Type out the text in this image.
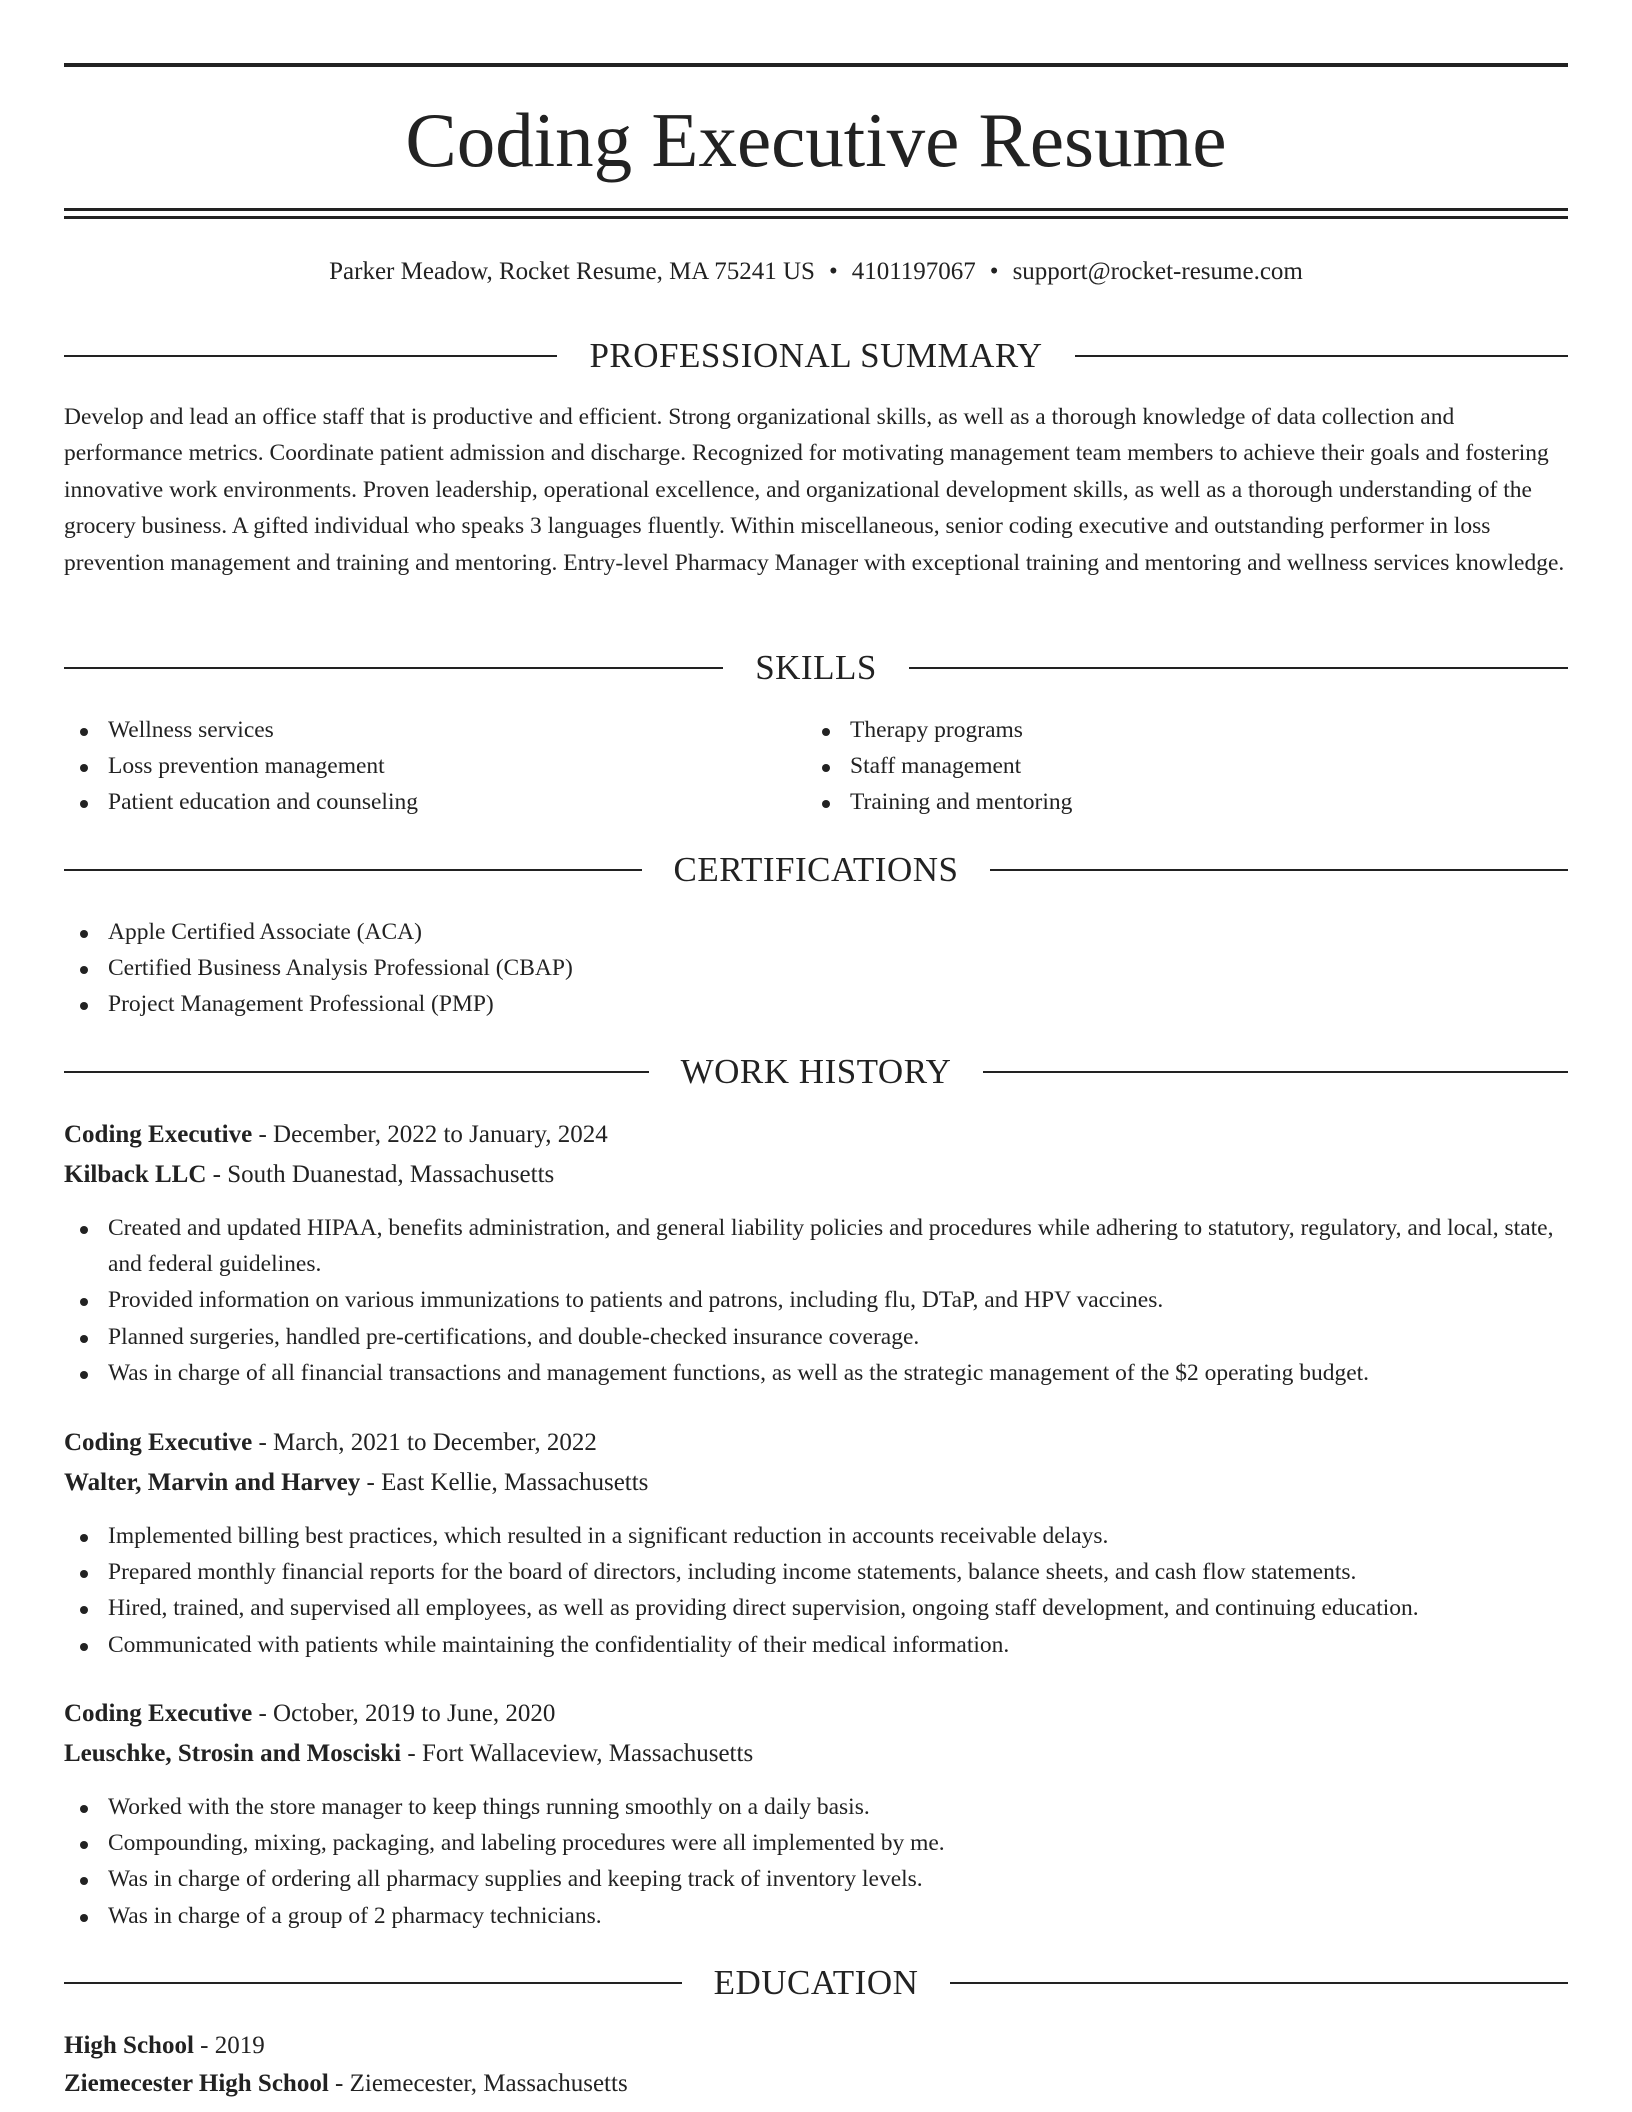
Coding Executive Resume
Parker Meadow, Rocket Resume, MA 75241 US • 4101197067 • support@rocket-resume.com
PROFESSIONAL SUMMARY

Develop and lead an office staff that is productive and efficient. Strong organizational skills, as well as a thorough knowledge of data collection and performance metrics. Coordinate patient admission and discharge. Recognized for motivating management team members to achieve their goals and fostering innovative work environments. Proven leadership, operational excellence, and organizational development skills, as well as a thorough understanding of the grocery business. A gifted individual who speaks 3 languages fluently. Within miscellaneous, senior coding executive and outstanding performer in loss prevention management and training and mentoring. Entry-level Pharmacy Manager with exceptional training and mentoring and wellness services knowledge.

SKILLS
Wellness services
Loss prevention management
Patient education and counseling
Therapy programs
Staff management
Training and mentoring
CERTIFICATIONS
Apple Certified Associate (ACA)
Certified Business Analysis Professional (CBAP)
Project Management Professional (PMP)
WORK HISTORY
Coding Executive - December, 2022 to January, 2024
Kilback LLC - South Duanestad, Massachusetts
Created and updated HIPAA, benefits administration, and general liability policies and procedures while adhering to statutory, regulatory, and local, state, and federal guidelines.
Provided information on various immunizations to patients and patrons, including flu, DTaP, and HPV vaccines.
Planned surgeries, handled pre-certifications, and double-checked insurance coverage.
Was in charge of all financial transactions and management functions, as well as the strategic management of the $2 operating budget.
Coding Executive - March, 2021 to December, 2022
Walter, Marvin and Harvey - East Kellie, Massachusetts
Implemented billing best practices, which resulted in a significant reduction in accounts receivable delays.
Prepared monthly financial reports for the board of directors, including income statements, balance sheets, and cash flow statements.
Hired, trained, and supervised all employees, as well as providing direct supervision, ongoing staff development, and continuing education.
Communicated with patients while maintaining the confidentiality of their medical information.
Coding Executive - October, 2019 to June, 2020
Leuschke, Strosin and Mosciski - Fort Wallaceview, Massachusetts
Worked with the store manager to keep things running smoothly on a daily basis.
Compounding, mixing, packaging, and labeling procedures were all implemented by me.
Was in charge of ordering all pharmacy supplies and keeping track of inventory levels.
Was in charge of a group of 2 pharmacy technicians.
EDUCATION
High School - 2019
Ziemecester High School - Ziemecester, Massachusetts
